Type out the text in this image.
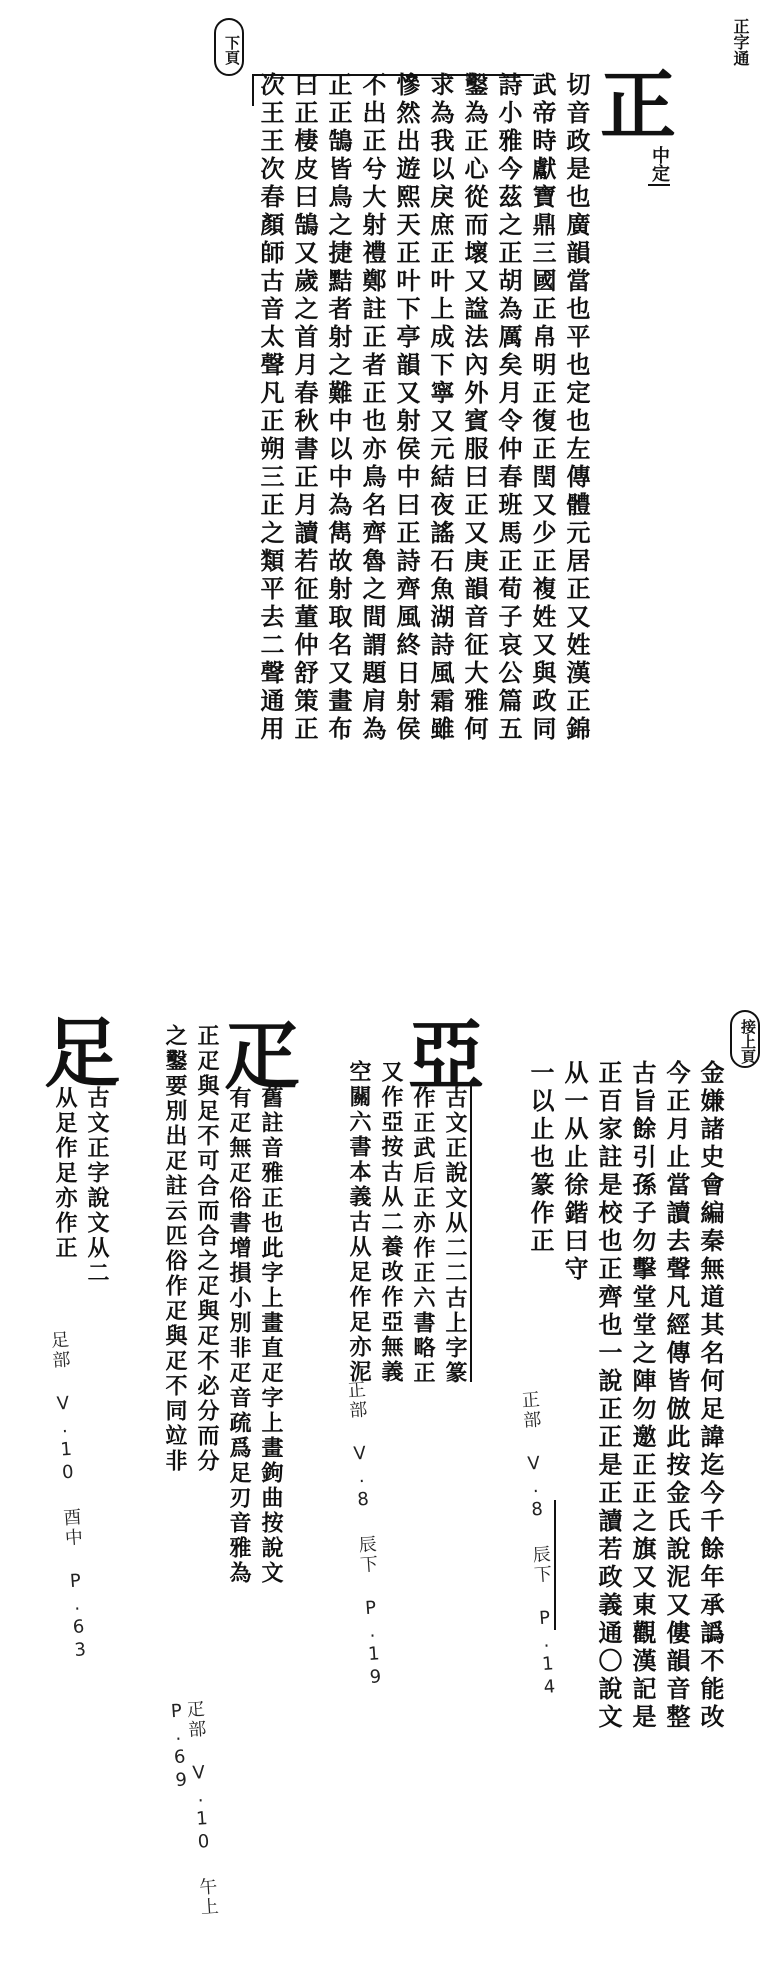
正字通
下頁
正
中定
切音政是也廣韻當也平也定也左傳體元居正又姓漢正錦
武帝時獻寶鼎三國正帛明正復正閏又少正複姓又與政同
詩小雅今茲之正胡為厲矣月令仲春班馬正荀子哀公篇五
鑿為正心從而壞又諡法內外賓服曰正又庚韻音征大雅何
求為我以戾庶正叶上成下寧又元結夜謠石魚湖詩風霜雖
慘然出遊熙天正叶下亭韻又射侯中曰正詩齊風終日射侯
不出正兮大射禮鄭註正者正也亦鳥名齊魯之間謂題肩為
正正鵠皆鳥之捷黠者射之難中以中為雋故射取名又畫布
曰正棲皮曰鵠又歲之首月春秋書正月讀若征董仲舒策正
次王王次春顏師古音太聲凡正朔三正之類平去二聲通用
接上頁
金嫌諸史會編秦無道其名何足諱迄今千餘年承譌不能改
今正月止當讀去聲凡經傳皆倣此按金氏說泥又僂韻音整
古旨餘引孫子勿擊堂堂之陣勿邀正正之旗又東觀漢記是
正百家註是校也正齊也一說正正是正讀若政義通〇說文
从一从止徐鍇曰守
一以止也篆作正
正部 V.8 辰下 P.14
亞
古文正說文从二二古上字篆
作正武后正亦作正六書略正
又作亞按古从二養改作亞無義
空關六書本義古从足作足亦泥
正部 V.8 辰下 P.19
疋
舊註音雅正也此字上畫直疋字上畫鉤曲按說文
有疋無疋俗書增損小別非疋音疏爲足刃音雅為
正疋與足不可合而合之疋與疋不必分而分
之鑿要別出疋註云匹俗作疋與疋不同竝非
疋部 V.10 午上 P.69
足
古文正字說文从二
从足作足亦作正
足部 V.10 酉中 P.63
